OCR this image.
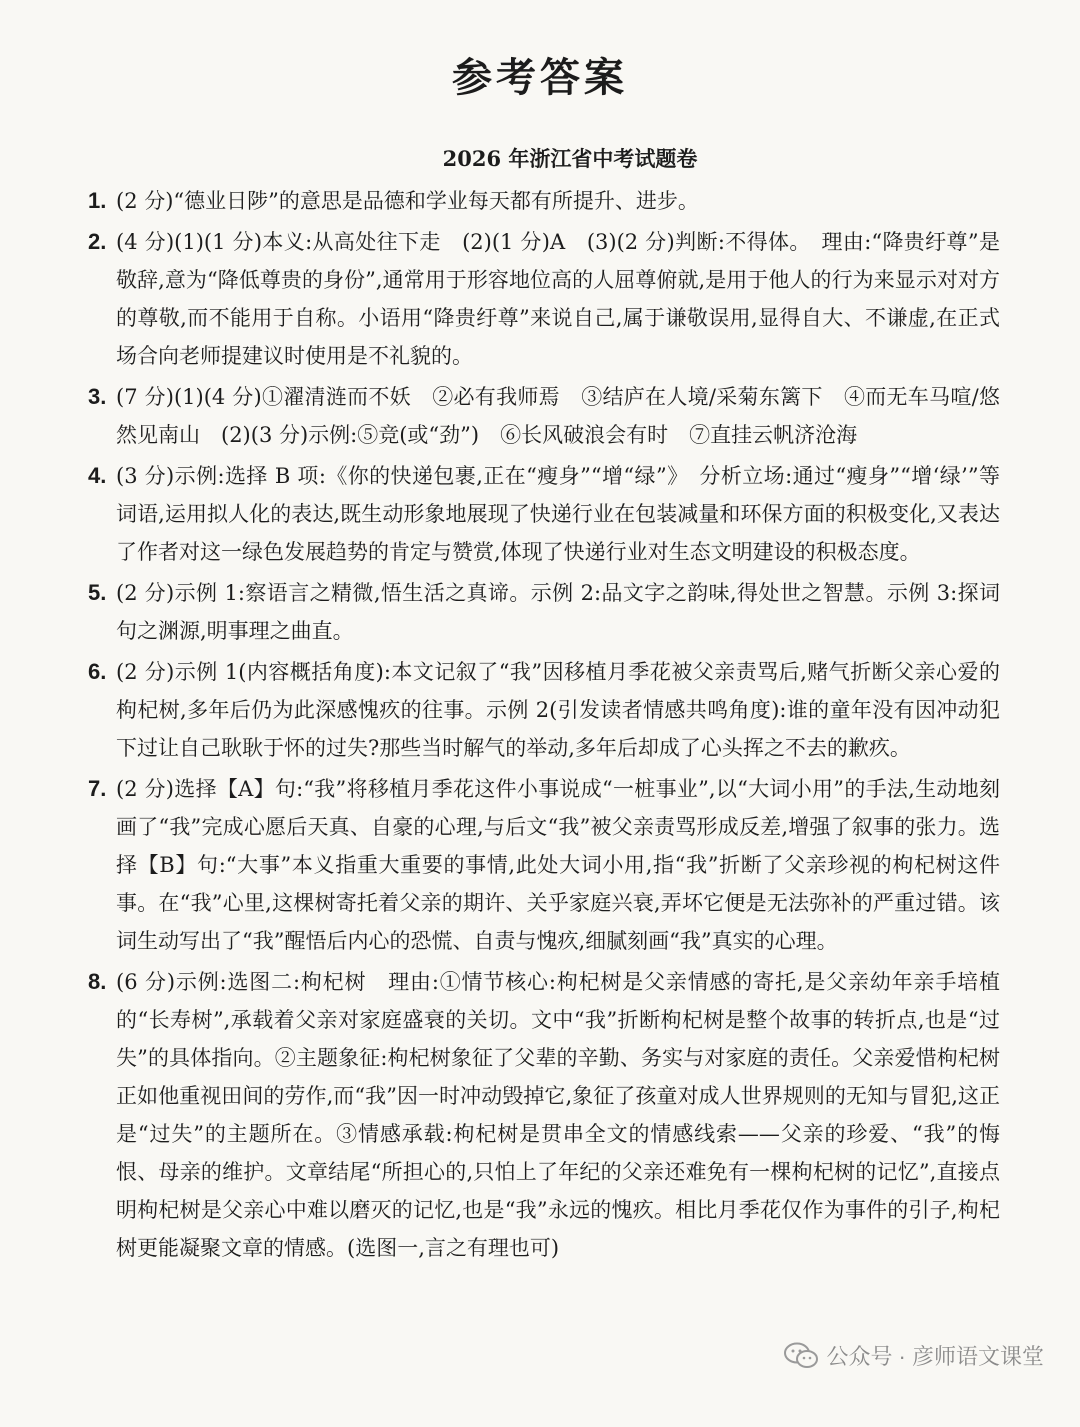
参考答案
2026 年浙江省中考试题卷
1. (2 分)“德业日陟”的意思是品德和学业每天都有所提升、进步。
2. (4 分)(1)(1 分)本义:从高处往下走　(2)(1 分)A　(3)(2 分)判断:不得体。　理由:“降贵纡尊”是敬辞,意为“降低尊贵的身份”,通常用于形容地位高的人屈尊俯就,是用于他人的行为来显示对对方的尊敬,而不能用于自称。小语用“降贵纡尊”来说自己,属于谦敬误用,显得自大、不谦虚,在正式场合向老师提建议时使用是不礼貌的。
3. (7 分)(1)(4 分)①濯清涟而不妖　②必有我师焉　③结庐在人境/采菊东篱下　④而无车马喧/悠然见南山　(2)(3 分)示例:⑤竞(或“劲”)　⑥长风破浪会有时　⑦直挂云帆济沧海
4. (3 分)示例:选择 B 项:《你的快递包裹,正在“瘦身”“增“绿”》　分析立场:通过“瘦身”“增‘绿’”等词语,运用拟人化的表达,既生动形象地展现了快递行业在包装减量和环保方面的积极变化,又表达了作者对这一绿色发展趋势的肯定与赞赏,体现了快递行业对生态文明建设的积极态度。
5. (2 分)示例 1:察语言之精微,悟生活之真谛。示例 2:品文字之韵味,得处世之智慧。示例 3:探词句之渊源,明事理之曲直。
6. (2 分)示例 1(内容概括角度):本文记叙了“我”因移植月季花被父亲责骂后,赌气折断父亲心爱的枸杞树,多年后仍为此深感愧疚的往事。示例 2(引发读者情感共鸣角度):谁的童年没有因冲动犯下过让自己耿耿于怀的过失?那些当时解气的举动,多年后却成了心头挥之不去的歉疚。
7. (2 分)选择【A】句:“我”将移植月季花这件小事说成“一桩事业”,以“大词小用”的手法,生动地刻画了“我”完成心愿后天真、自豪的心理,与后文“我”被父亲责骂形成反差,增强了叙事的张力。选择【B】句:“大事”本义指重大重要的事情,此处大词小用,指“我”折断了父亲珍视的枸杞树这件事。在“我”心里,这棵树寄托着父亲的期许、关乎家庭兴衰,弄坏它便是无法弥补的严重过错。该词生动写出了“我”醒悟后内心的恐慌、自责与愧疚,细腻刻画“我”真实的心理。
8. (6 分)示例:选图二:枸杞树　理由:①情节核心:枸杞树是父亲情感的寄托,是父亲幼年亲手培植的“长寿树”,承载着父亲对家庭盛衰的关切。文中“我”折断枸杞树是整个故事的转折点,也是“过失”的具体指向。②主题象征:枸杞树象征了父辈的辛勤、务实与对家庭的责任。父亲爱惜枸杞树正如他重视田间的劳作,而“我”因一时冲动毁掉它,象征了孩童对成人世界规则的无知与冒犯,这正是“过失”的主题所在。③情感承载:枸杞树是贯串全文的情感线索——父亲的珍爱、“我”的悔恨、母亲的维护。文章结尾“所担心的,只怕上了年纪的父亲还难免有一棵枸杞树的记忆”,直接点明枸杞树是父亲心中难以磨灭的记忆,也是“我”永远的愧疚。相比月季花仅作为事件的引子,枸杞树更能凝聚文章的情感。(选图一,言之有理也可)
公众号 · 彦师语文课堂
